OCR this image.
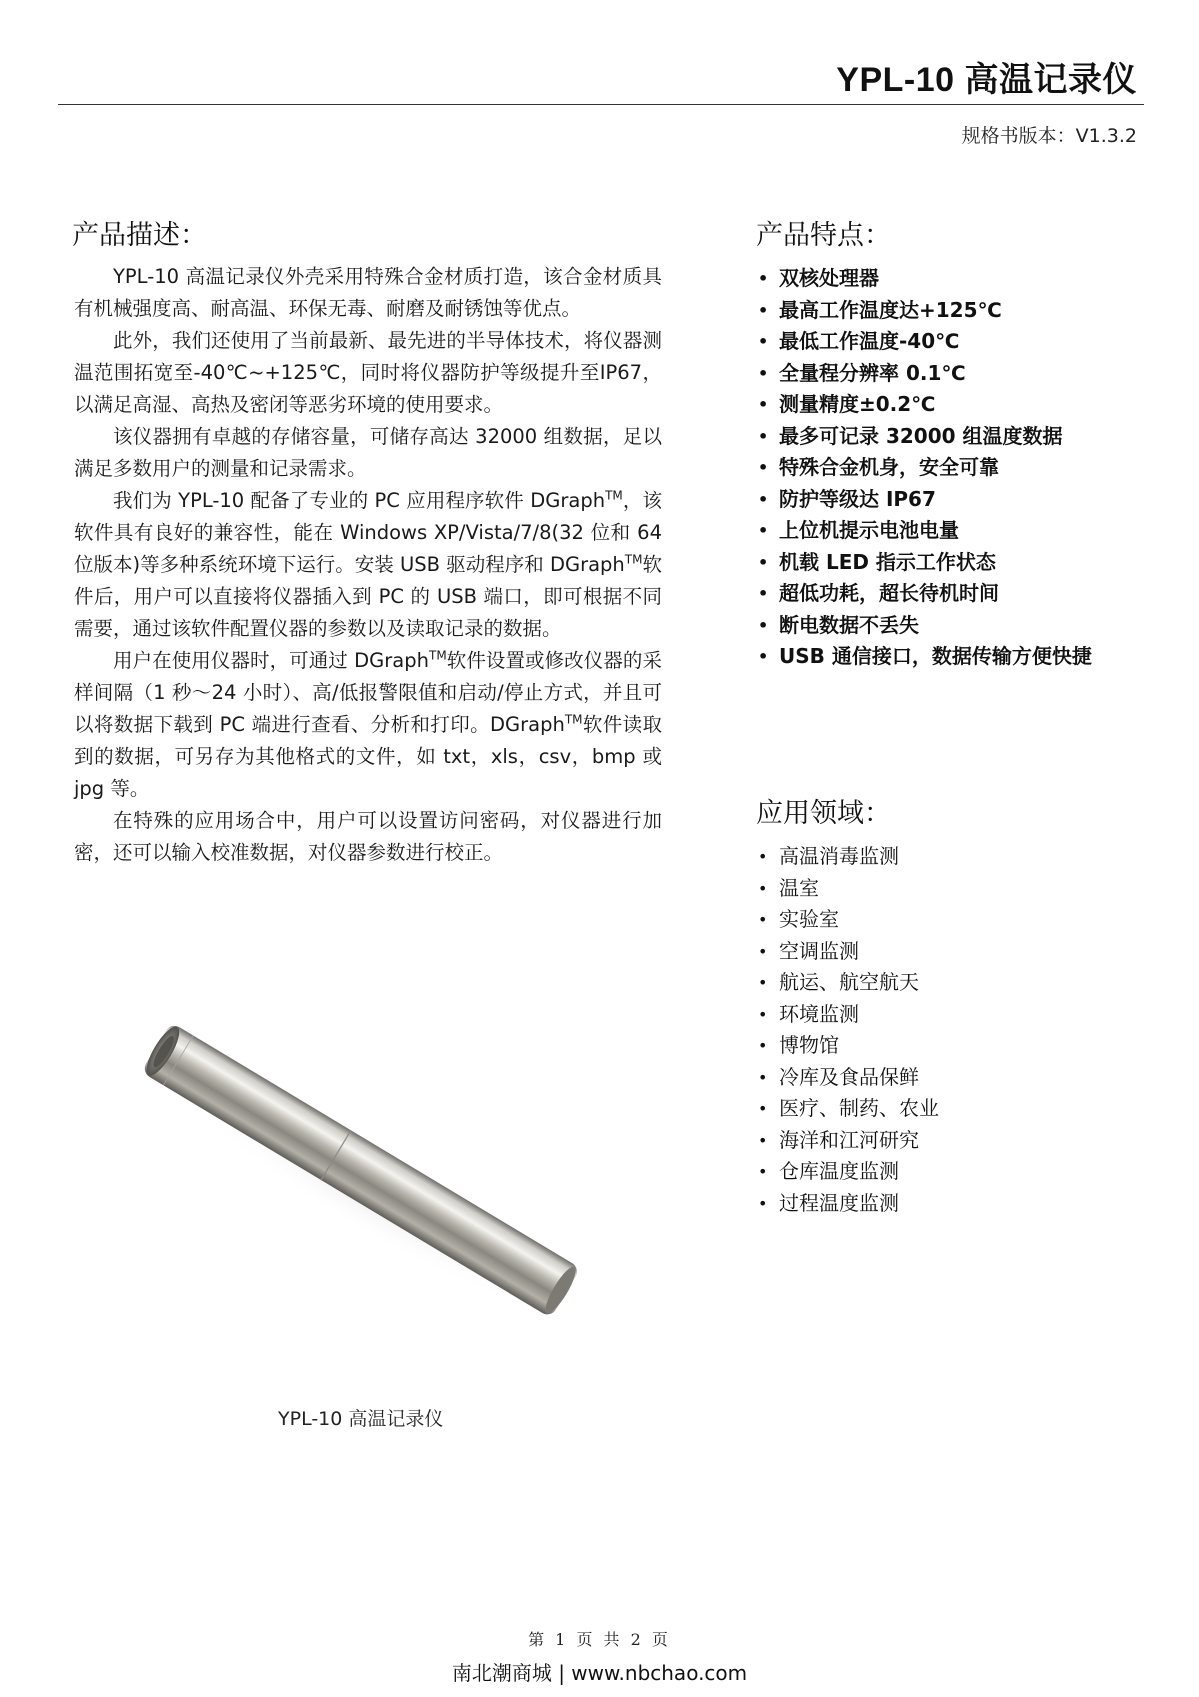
YPL-10 高温记录仪
规格书版本：V1.3.2
产品描述：

YPL-10 高温记录仪外壳采用特殊合金材质打造，该合金材质具有机械强度高、耐高温、环保无毒、耐磨及耐锈蚀等优点。

此外，我们还使用了当前最新、最先进的半导体技术，将仪器测温范围拓宽至-40℃~+125℃，同时将仪器防护等级提升至IP67，以满足高湿、高热及密闭等恶劣环境的使用要求。

该仪器拥有卓越的存储容量，可储存高达 32000 组数据，足以满足多数用户的测量和记录需求。

我们为 YPL-10 配备了专业的 PC 应用程序软件 DGraph™，该软件具有良好的兼容性，能在 Windows XP/Vista/7/8(32 位和 64 位版本)等多种系统环境下运行。安装 USB 驱动程序和 DGraph™软件后，用户可以直接将仪器插入到 PC 的 USB 端口，即可根据不同需要，通过该软件配置仪器的参数以及读取记录的数据。

用户在使用仪器时，可通过 DGraph™软件设置或修改仪器的采样间隔（1 秒～24 小时）、高/低报警限值和启动/停止方式，并且可以将数据下载到 PC 端进行查看、分析和打印。DGraph™软件读取到的数据，可另存为其他格式的文件，如 txt，xls，csv，bmp 或 jpg 等。

在特殊的应用场合中，用户可以设置访问密码，对仪器进行加密，还可以输入校准数据，对仪器参数进行校正。

产品特点：
• 双核处理器
• 最高工作温度达+125℃
• 最低工作温度-40℃
• 全量程分辨率 0.1℃
• 测量精度±0.2℃
• 最多可记录 32000 组温度数据
• 特殊合金机身，安全可靠
• 防护等级达 IP67
• 上位机提示电池电量
• 机载 LED 指示工作状态
• 超低功耗，超长待机时间
• 断电数据不丢失
• USB 通信接口，数据传输方便快捷
应用领域：
• 高温消毒监测
• 温室
• 实验室
• 空调监测
• 航运、航空航天
• 环境监测
• 博物馆
• 冷库及食品保鲜
• 医疗、制药、农业
• 海洋和江河研究
• 仓库温度监测
• 过程温度监测
YPL-10 高温记录仪
第 1 页 共 2 页
南北潮商城 | www.nbchao.com
